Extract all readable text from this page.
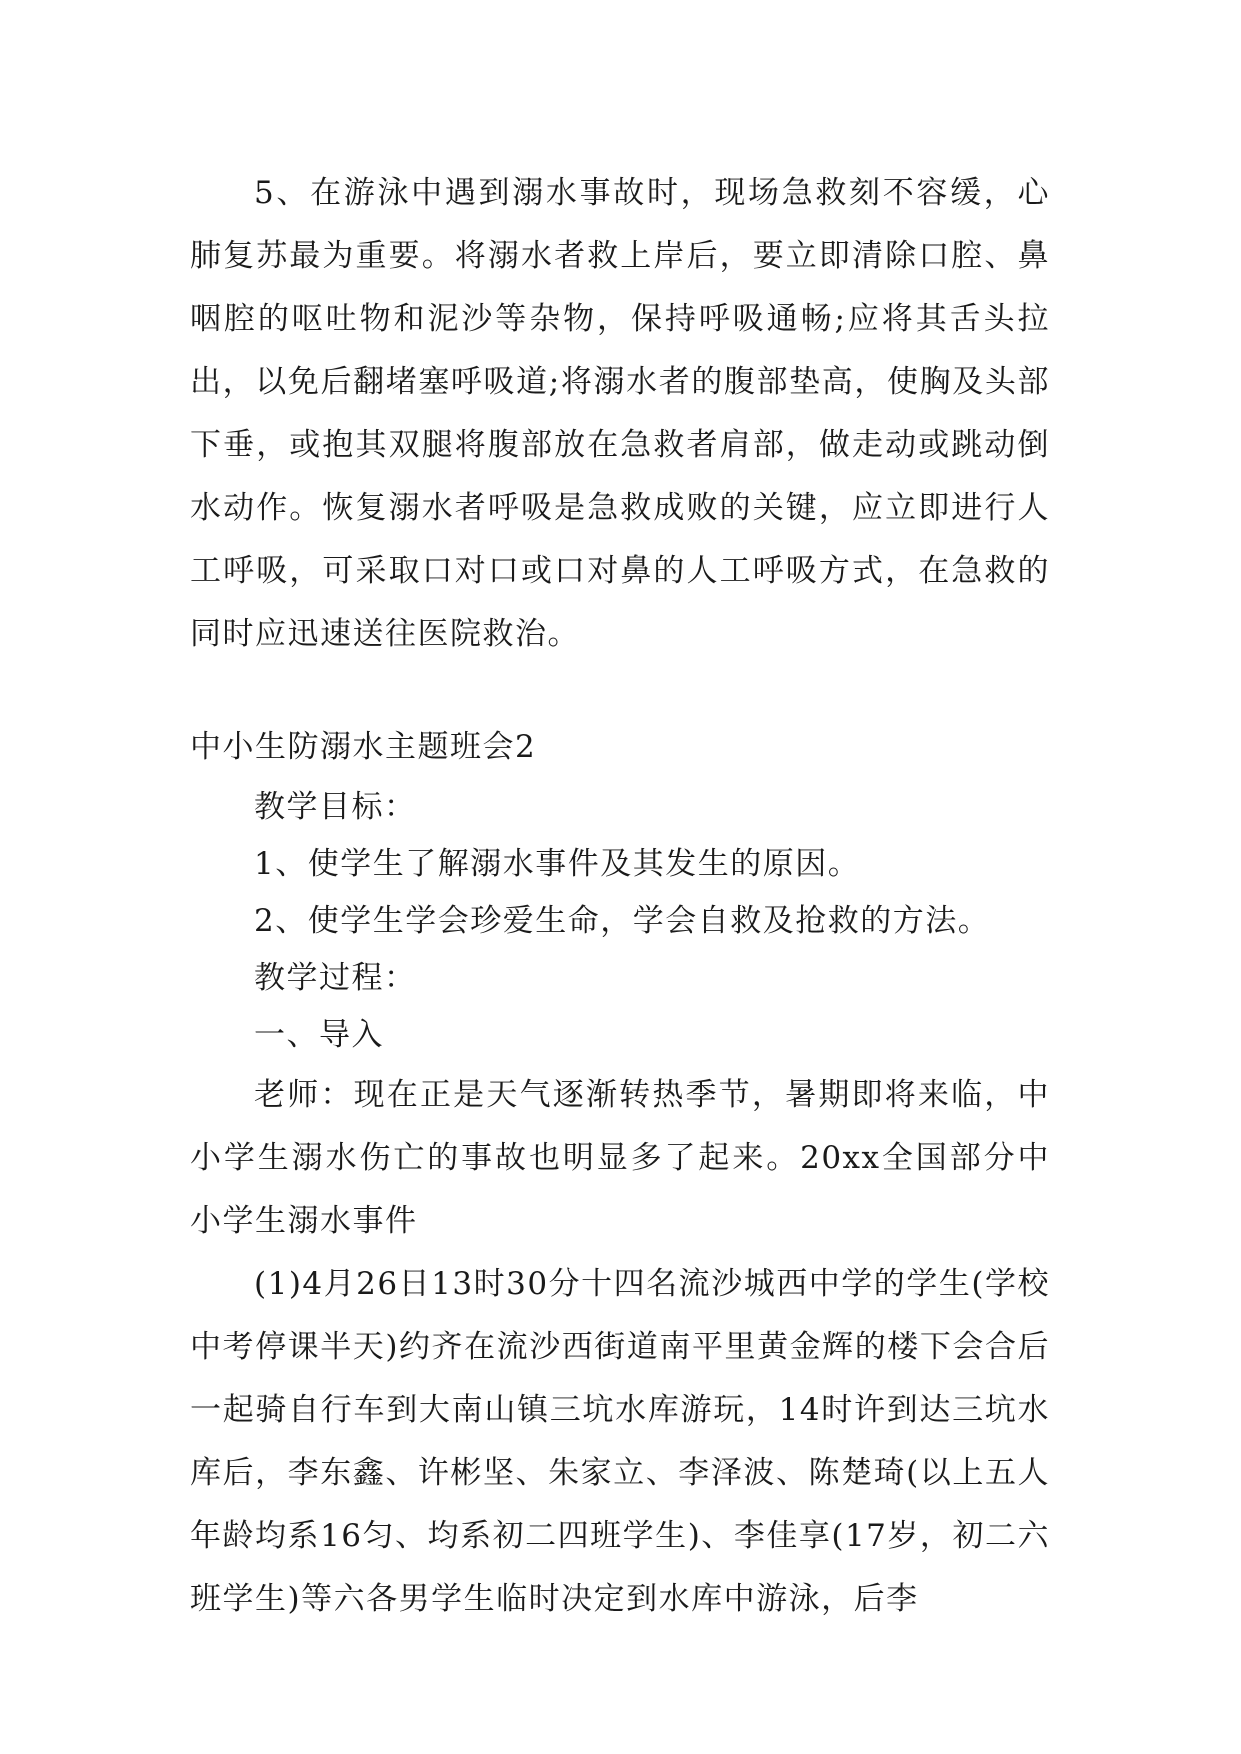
5、在游泳中遇到溺水事故时，现场急救刻不容缓，心肺复苏最为重要。将溺水者救上岸后，要立即清除口腔、鼻咽腔的呕吐物和泥沙等杂物，保持呼吸通畅;应将其舌头拉出，以免后翻堵塞呼吸道;将溺水者的腹部垫高，使胸及头部下垂，或抱其双腿将腹部放在急救者肩部，做走动或跳动倒水动作。恢复溺水者呼吸是急救成败的关键，应立即进行人工呼吸，可采取口对口或口对鼻的人工呼吸方式，在急救的同时应迅速送往医院救治。

中小生防溺水主题班会2

教学目标：

1、使学生了解溺水事件及其发生的原因。

2、使学生学会珍爱生命，学会自救及抢救的方法。

教学过程：

一、导入

老师：现在正是天气逐渐转热季节，暑期即将来临，中小学生溺水伤亡的事故也明显多了起来。20xx全国部分中小学生溺水事件

(1)4月26日13时30分十四名流沙城西中学的学生(学校中考停课半天)约齐在流沙西街道南平里黄金辉的楼下会合后一起骑自行车到大南山镇三坑水库游玩，14时许到达三坑水库后，李东鑫、许彬坚、朱家立、李泽波、陈楚琦(以上五人年龄均系16匀、均系初二四班学生)、李佳享(17岁，初二六班学生)等六各男学生临时决定到水库中游泳，后李
